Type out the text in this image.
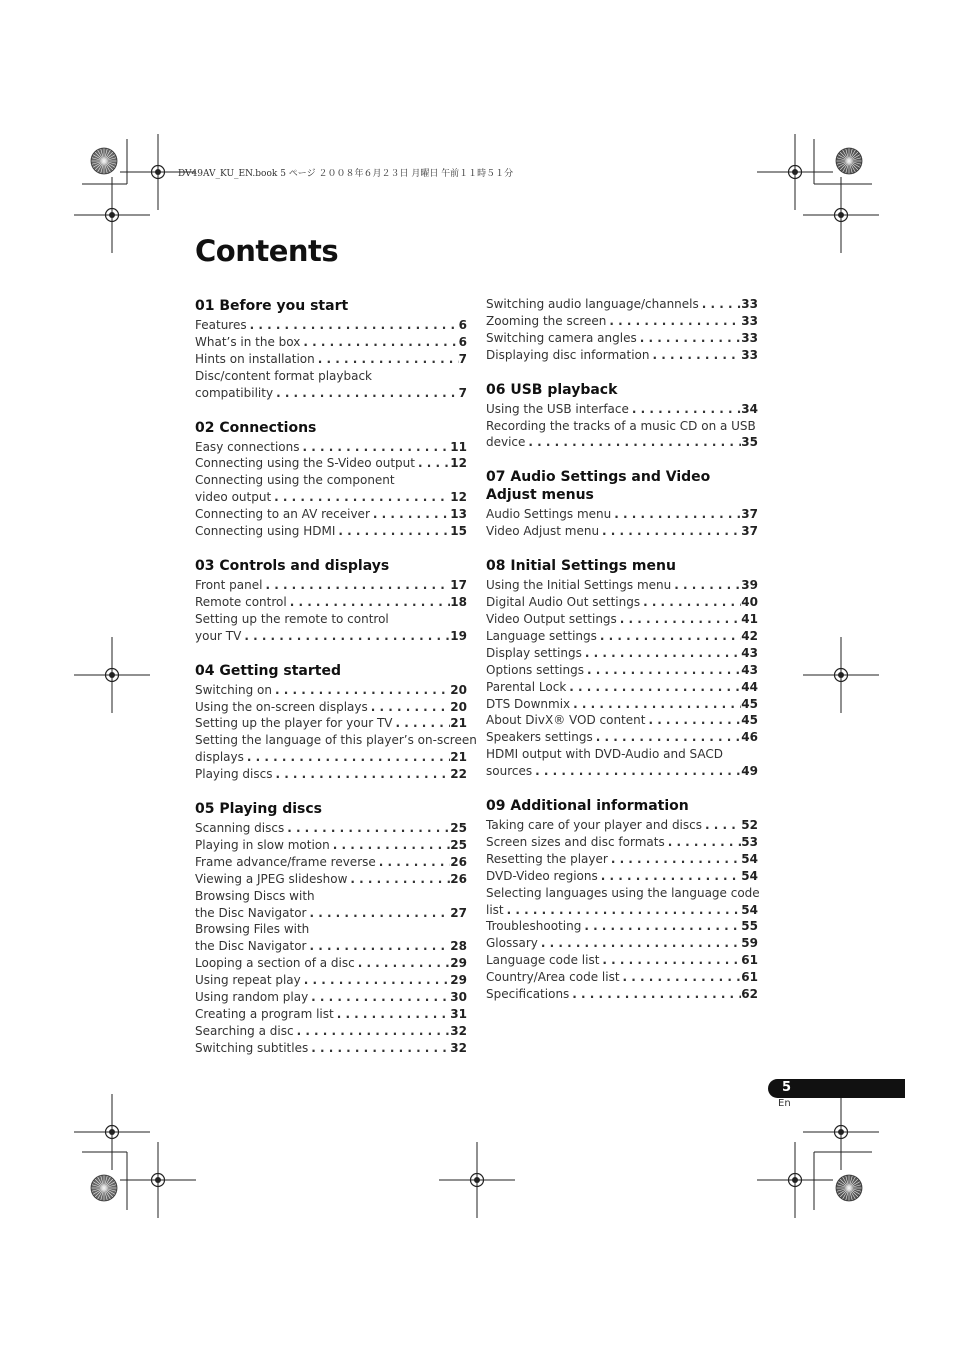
DV49AV_KU_EN.book 5 ページ ２００８年６月２３日 月曜日 午前１１時５１分
Contents
01 Before you start
Features . . .	6
What’s in the box . . .	6
Hints on installation . . .	7
Disc/content format playback
compatibility . . .	7
02 Connections
Easy connections . . .	11
Connecting using the S-Video output . . .	12
Connecting using the component
video output . . .	12
Connecting to an AV receiver . . .	13
Connecting using HDMI . . .	15
03 Controls and displays
Front panel . . .	17
Remote control . . .	18
Setting up the remote to control
your TV . . .	19
04 Getting started
Switching on . . .	20
Using the on-screen displays . . .	20
Setting up the player for your TV . . .	21
Setting the language of this player’s on-screen
displays . . .	21
Playing discs . . .	22
05 Playing discs
Scanning discs . . .	25
Playing in slow motion . . .	25
Frame advance/frame reverse . . .	26
Viewing a JPEG slideshow . . .	26
Browsing Discs with
the Disc Navigator . . .	27
Browsing Files with
the Disc Navigator . . .	28
Looping a section of a disc . . .	29
Using repeat play . . .	29
Using random play . . .	30
Creating a program list . . .	31
Searching a disc . . .	32
Switching subtitles . . .	32
Switching audio language/channels . . .	33
Zooming the screen . . .	33
Switching camera angles . . .	33
Displaying disc information . . .	33
06 USB playback
Using the USB interface . . .	34
Recording the tracks of a music CD on a USB
device . . .	35
07 Audio Settings and Video Adjust menus
Audio Settings menu . . .	37
Video Adjust menu . . .	37
08 Initial Settings menu
Using the Initial Settings menu . . .	39
Digital Audio Out settings . . .	40
Video Output settings . . .	41
Language settings . . .	42
Display settings . . .	43
Options settings . . .	43
Parental Lock . . .	44
DTS Downmix . . .	45
About DivX® VOD content . . .	45
Speakers settings . . .	46
HDMI output with DVD-Audio and SACD
sources . . .	49
09 Additional information
Taking care of your player and discs . . .	52
Screen sizes and disc formats . . .	53
Resetting the player . . .	54
DVD-Video regions . . .	54
Selecting languages using the language code
list . . .	54
Troubleshooting . . .	55
Glossary . . .	59
Language code list . . .	61
Country/Area code list . . .	61
Specifications . . .	62
5
En
